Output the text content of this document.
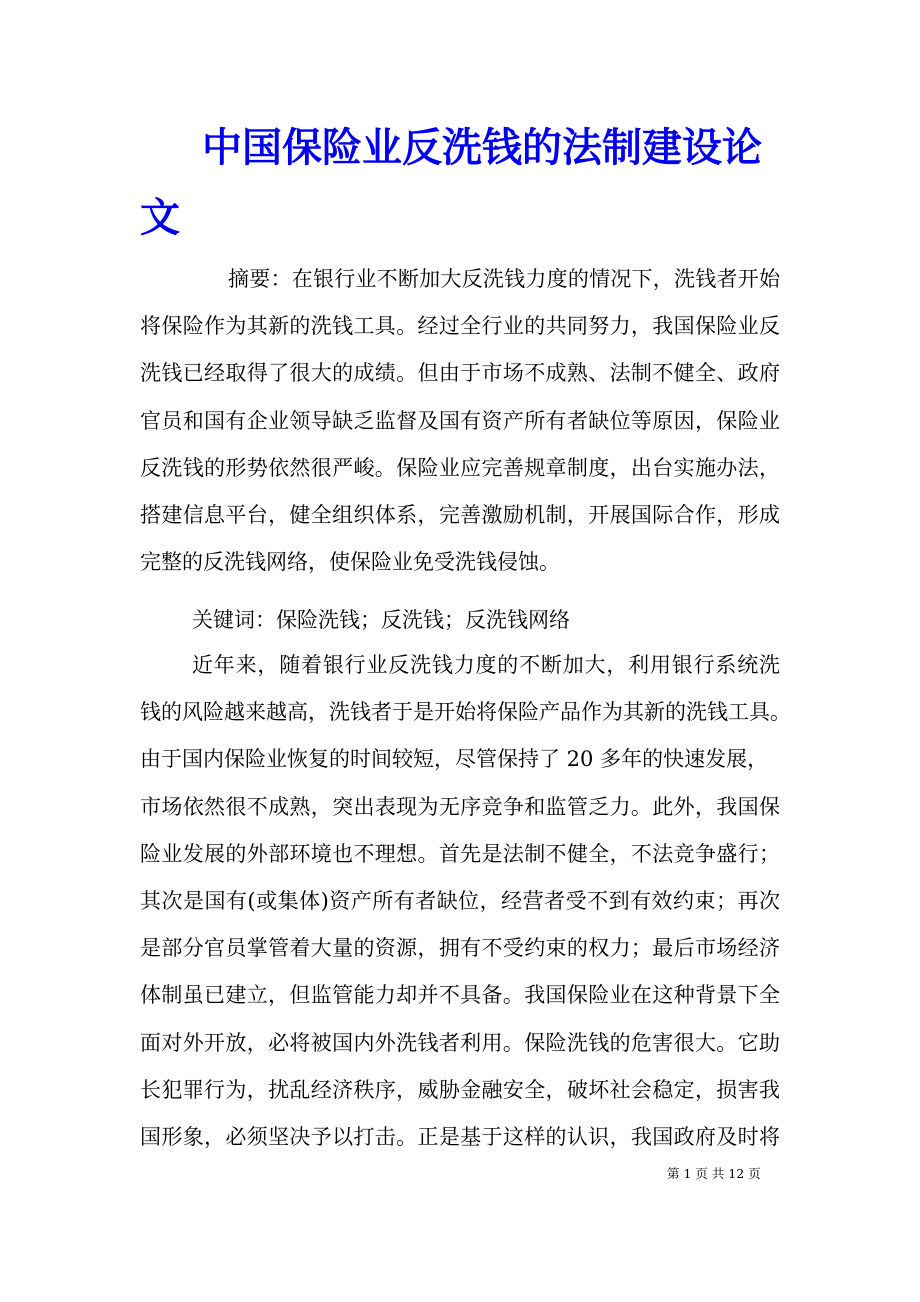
中国保险业反洗钱的法制建设论
文
摘要：在银行业不断加大反洗钱力度的情况下，洗钱者开始
将保险作为其新的洗钱工具。经过全行业的共同努力，我国保险业反
洗钱已经取得了很大的成绩。但由于市场不成熟、法制不健全、政府
官员和国有企业领导缺乏监督及国有资产所有者缺位等原因，保险业
反洗钱的形势依然很严峻。保险业应完善规章制度，出台实施办法，
搭建信息平台，健全组织体系，完善激励机制，开展国际合作，形成
完整的反洗钱网络，使保险业免受洗钱侵蚀。
关键词：保险洗钱；反洗钱；反洗钱网络
近年来，随着银行业反洗钱力度的不断加大，利用银行系统洗
钱的风险越来越高，洗钱者于是开始将保险产品作为其新的洗钱工具。
由于国内保险业恢复的时间较短，尽管保持了 20 多年的快速发展，
市场依然很不成熟，突出表现为无序竞争和监管乏力。此外，我国保
险业发展的外部环境也不理想。首先是法制不健全，不法竞争盛行；
其次是国有(或集体)资产所有者缺位，经营者受不到有效约束；再次
是部分官员掌管着大量的资源，拥有不受约束的权力；最后市场经济
体制虽已建立，但监管能力却并不具备。我国保险业在这种背景下全
面对外开放，必将被国内外洗钱者利用。保险洗钱的危害很大。它助
长犯罪行为，扰乱经济秩序，威胁金融安全，破坏社会稳定，损害我
国形象，必须坚决予以打击。正是基于这样的认识，我国政府及时将

第 1 页 共 12 页
